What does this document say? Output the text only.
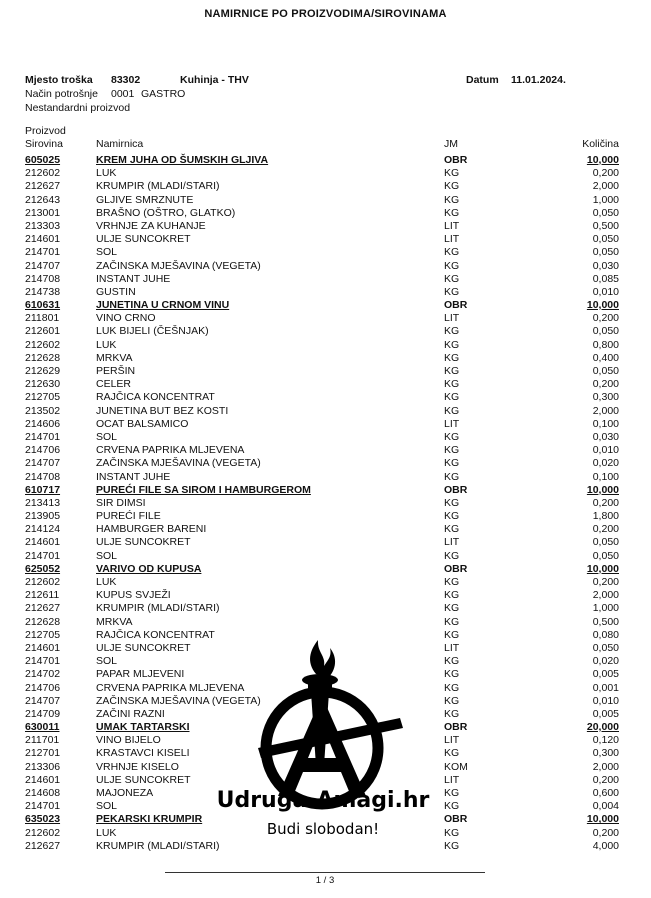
NAMIRNICE PO PROIZVODIMA/SIROVINAMA
Mjesto troška 83302	Kuhinja - THV	Datum 11.01.2024.
Način potrošnje 0001 GASTRO
Nestandardni proizvod
Proizvod
Sirovina	Namirnica	JM	Količina
605025	KREM JUHA OD ŠUMSKIH GLJIVA	OBR	10,000
212602	LUK	KG	0,200
212627	KRUMPIR (MLADI/STARI)	KG	2,000
212643	GLJIVE SMRZNUTE	KG	1,000
213001	BRAŠNO (OŠTRO, GLATKO)	KG	0,050
213303	VRHNJE ZA KUHANJE	LIT	0,500
214601	ULJE SUNCOKRET	LIT	0,050
214701	SOL	KG	0,050
214707	ZAČINSKA MJEŠAVINA (VEGETA)	KG	0,030
214708	INSTANT JUHE	KG	0,085
214738	GUSTIN	KG	0,010
610631	JUNETINA U CRNOM VINU	OBR	10,000
211801	VINO CRNO	LIT	0,200
212601	LUK BIJELI (ČEŠNJAK)	KG	0,050
212602	LUK	KG	0,800
212628	MRKVA	KG	0,400
212629	PERŠIN	KG	0,050
212630	CELER	KG	0,200
212705	RAJČICA KONCENTRAT	KG	0,300
213502	JUNETINA BUT BEZ KOSTI	KG	2,000
214606	OCAT BALSAMICO	LIT	0,100
214701	SOL	KG	0,030
214706	CRVENA PAPRIKA MLJEVENA	KG	0,010
214707	ZAČINSKA MJEŠAVINA (VEGETA)	KG	0,020
214708	INSTANT JUHE	KG	0,100
610717	PUREĆI FILE SA SIROM I HAMBURGEROM	OBR	10,000
213413	SIR DIMSI	KG	0,200
213905	PUREĆI FILE	KG	1,800
214124	HAMBURGER BARENI	KG	0,200
214601	ULJE SUNCOKRET	LIT	0,050
214701	SOL	KG	0,050
625052	VARIVO OD KUPUSA	OBR	10,000
212602	LUK	KG	0,200
212611	KUPUS SVJEŽI	KG	2,000
212627	KRUMPIR (MLADI/STARI)	KG	1,000
212628	MRKVA	KG	0,500
212705	RAJČICA KONCENTRAT	KG	0,080
214601	ULJE SUNCOKRET	LIT	0,050
214701	SOL	KG	0,020
214702	PAPAR MLJEVENI	KG	0,005
214706	CRVENA PAPRIKA MLJEVENA	KG	0,001
214707	ZAČINSKA MJEŠAVINA (VEGETA)	KG	0,010
214709	ZAČINI RAZNI	KG	0,005
630011	UMAK TARTARSKI	OBR	20,000
211701	VINO BIJELO	LIT	0,120
212701	KRASTAVCI KISELI	KG	0,300
213306	VRHNJE KISELO	KOM	2,000
214601	ULJE SUNCOKRET	LIT	0,200
214608	MAJONEZA	KG	0,600
214701	SOL	KG	0,004
635023	PEKARSKI KRUMPIR	OBR	10,000
212602	LUK	KG	0,200
212627	KRUMPIR (MLADI/STARI)	KG	4,000
Udruga-Amagi.hr
Budi slobodan!
1 / 3
